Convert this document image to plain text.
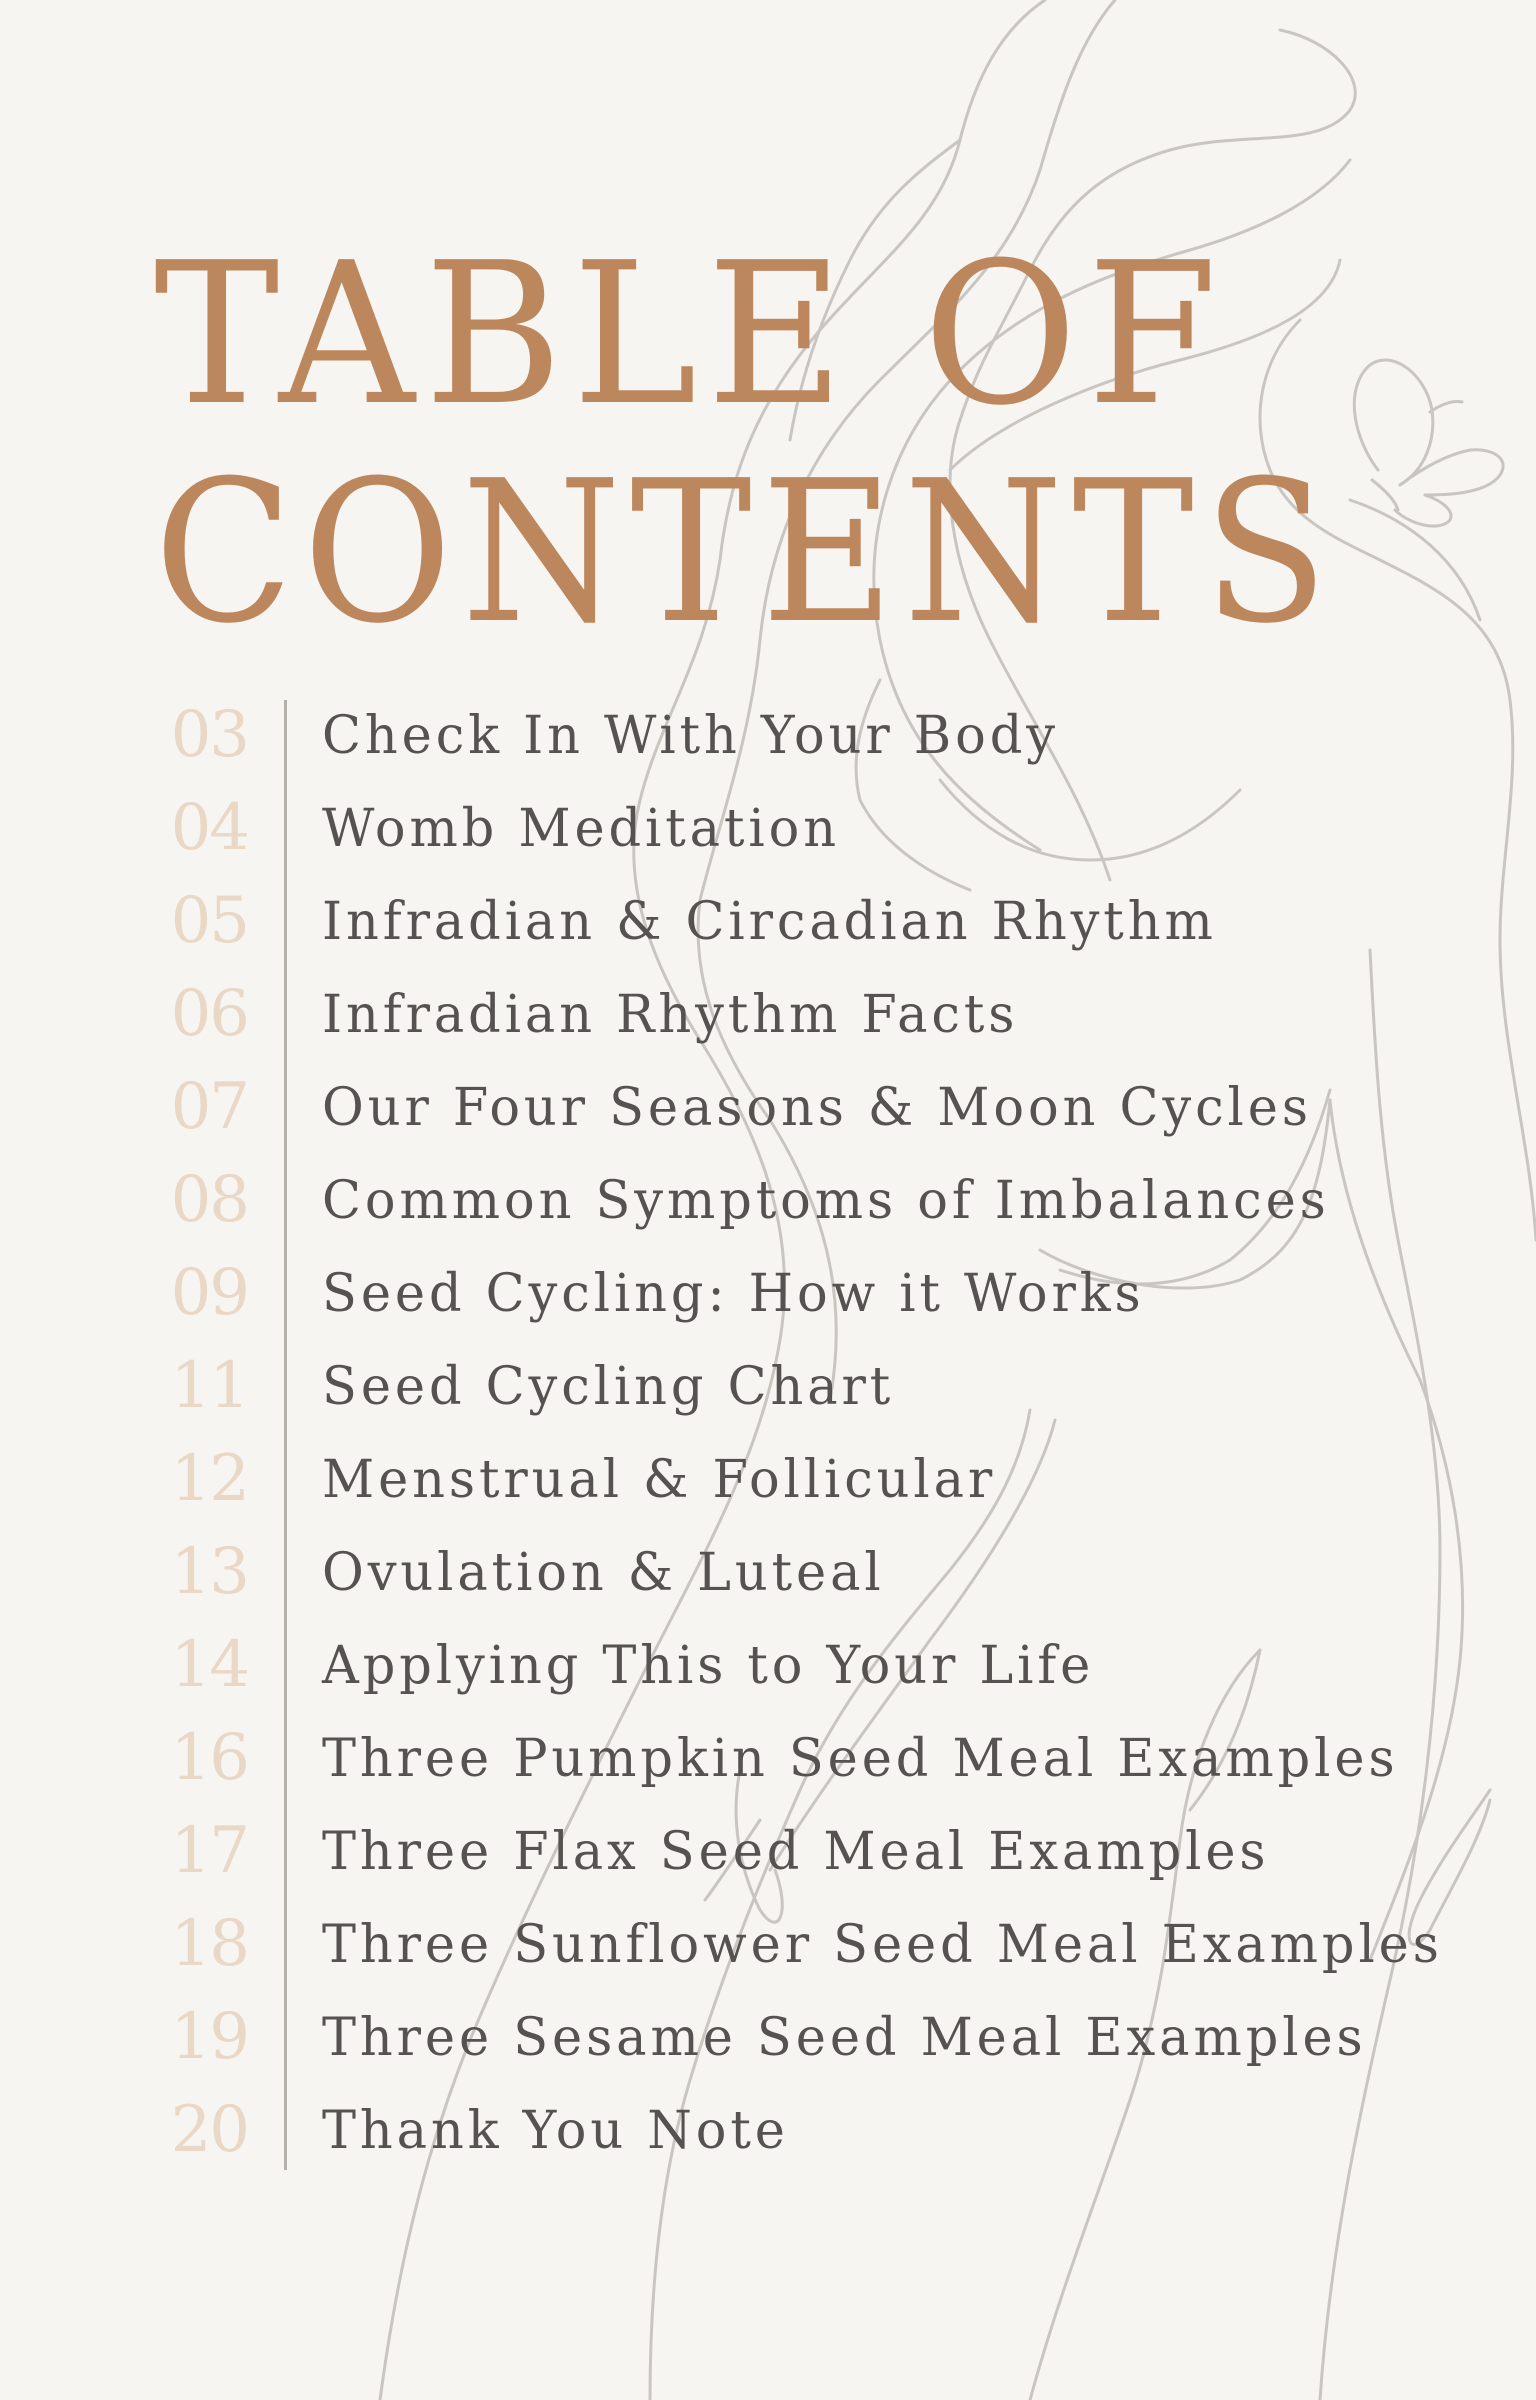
TABLE OF
CONTENTS
03 Check In With Your Body
04 Womb Meditation
05 Infradian & Circadian Rhythm
06 Infradian Rhythm Facts
07 Our Four Seasons & Moon Cycles
08 Common Symptoms of Imbalances
09 Seed Cycling: How it Works
11 Seed Cycling Chart
12 Menstrual & Follicular
13 Ovulation & Luteal
14 Applying This to Your Life
16 Three Pumpkin Seed Meal Examples
17 Three Flax Seed Meal Examples
18 Three Sunflower Seed Meal Examples
19 Three Sesame Seed Meal Examples
20 Thank You Note
